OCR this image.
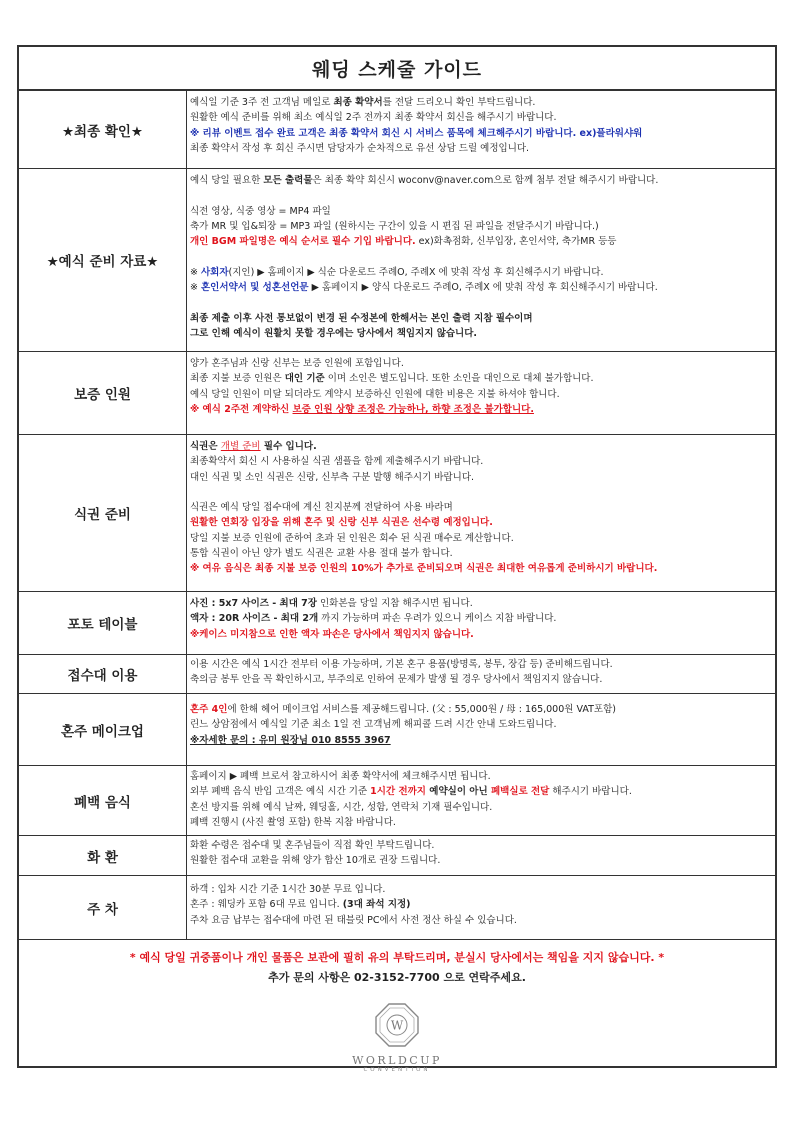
웨딩 스케줄 가이드
★최종 확인★
예식일 기준 3주 전 고객님 메일로 최종 확약서를 전달 드리오니 확인 부탁드립니다.
원활한 예식 준비를 위해 최소 예식일 2주 전까지 최종 확약서 회신을 해주시기 바랍니다.
※ 리뷰 이벤트 접수 완료 고객은 최종 확약서 회신 시 서비스 품목에 체크해주시기 바랍니다. ex)플라워샤워
최종 확약서 작성 후 회신 주시면 담당자가 순차적으로 유선 상담 드릴 예정입니다.
★예식 준비 자료★
예식 당일 필요한 모든 출력물은 최종 확약 회신시 woconv@naver.com으로 함께 첨부 전달 해주시기 바랍니다.
식전 영상, 식중 영상 = MP4 파일
축가 MR 및 입&퇴장 = MP3 파일 (원하시는 구간이 있을 시 편집 된 파일을 전달주시기 바랍니다.)
개인 BGM 파일명은 예식 순서로 필수 기입 바랍니다. ex)화촉점화, 신부입장, 혼인서약, 축가MR 등등
※ 사회자(지인) ▶ 홈페이지 ▶ 식순 다운로드 주례O, 주례X 에 맞춰 작성 후 회신해주시기 바랍니다.
※ 혼인서약서 및 성혼선언문 ▶ 홈페이지 ▶ 양식 다운로드 주례O, 주례X 에 맞춰 작성 후 회신해주시기 바랍니다.
최종 제출 이후 사전 통보없이 변경 된 수정본에 한해서는 본인 출력 지참 필수이며
그로 인해 예식이 원활치 못할 경우에는 당사에서 책임지지 않습니다.
보증 인원
양가 혼주님과 신랑 신부는 보증 인원에 포함입니다.
최종 지불 보증 인원은 대인 기준 이며 소인은 별도입니다. 또한 소인을 대인으로 대체 불가합니다.
예식 당일 인원이 미달 되더라도 계약시 보증하신 인원에 대한 비용은 지불 하셔야 합니다.
※ 예식 2주전 계약하신 보증 인원 상향 조정은 가능하나, 하향 조정은 불가합니다.
식권 준비
식권은 개별 준비 필수 입니다.
최종확약서 회신 시 사용하실 식권 샘플을 함께 제출해주시기 바랍니다.
대인 식권 및 소인 식권은 신랑, 신부측 구분 발행 해주시기 바랍니다.
식권은 예식 당일 접수대에 계신 친지분께 전달하여 사용 바라며
원활한 연회장 입장을 위해 혼주 및 신랑 신부 식권은 선수령 예정입니다.
당일 지불 보증 인원에 준하여 초과 된 인원은 회수 된 식권 매수로 계산합니다.
통합 식권이 아닌 양가 별도 식권은 교환 사용 절대 불가 합니다.
※ 여유 음식은 최종 지불 보증 인원의 10%가 추가로 준비되오며 식권은 최대한 여유롭게 준비하시기 바랍니다.
포토 테이블
사진 : 5x7 사이즈 - 최대 7장 인화본을 당일 지참 해주시면 됩니다.
액자 : 20R 사이즈 - 최대 2개 까지 가능하며 파손 우려가 있으니 케이스 지참 바랍니다.
※케이스 미지참으로 인한 액자 파손은 당사에서 책임지지 않습니다.
접수대 이용
이용 시간은 예식 1시간 전부터 이용 가능하며, 기본 혼구 용품(방명록, 봉투, 장갑 등) 준비해드립니다.
축의금 봉투 안을 꼭 확인하시고, 부주의로 인하여 문제가 발생 될 경우 당사에서 책임지지 않습니다.
혼주 메이크업
혼주 4인에 한해 헤어 메이크업 서비스를 제공해드립니다. (父 : 55,000원 / 母 : 165,000원 VAT포함)
린느 상암점에서 예식일 기준 최소 1일 전 고객님께 해피콜 드려 시간 안내 도와드립니다.
※자세한 문의 : 유미 원장님 010 8555 3967
폐백 음식
홈페이지 ▶ 폐백 브로셔 참고하시어 최종 확약서에 체크해주시면 됩니다.
외부 폐백 음식 반입 고객은 예식 시간 기준 1시간 전까지 예약실이 아닌 폐백실로 전달 해주시기 바랍니다.
혼선 방지를 위해 예식 날짜, 웨딩홀, 시간, 성함, 연락처 기재 필수입니다.
폐백 진행시 (사진 촬영 포함) 한복 지참 바랍니다.
화 환
화환 수령은 접수대 및 혼주님들이 직접 확인 부탁드립니다.
원활한 접수대 교환을 위해 양가 합산 10개로 권장 드립니다.
주 차
하객 : 입차 시간 기준 1시간 30분 무료 입니다.
혼주 : 웨딩카 포함 6대 무료 입니다. (3대 좌석 지정)
주차 요금 납부는 접수대에 마련 된 태블릿 PC에서 사전 정산 하실 수 있습니다.
* 예식 당일 귀중품이나 개인 물품은 보관에 필히 유의 부탁드리며, 분실시 당사에서는 책임을 지지 않습니다. *
추가 문의 사항은 02-3152-7700 으로 연락주세요.
W
WORLDCUP
CONVENTION
